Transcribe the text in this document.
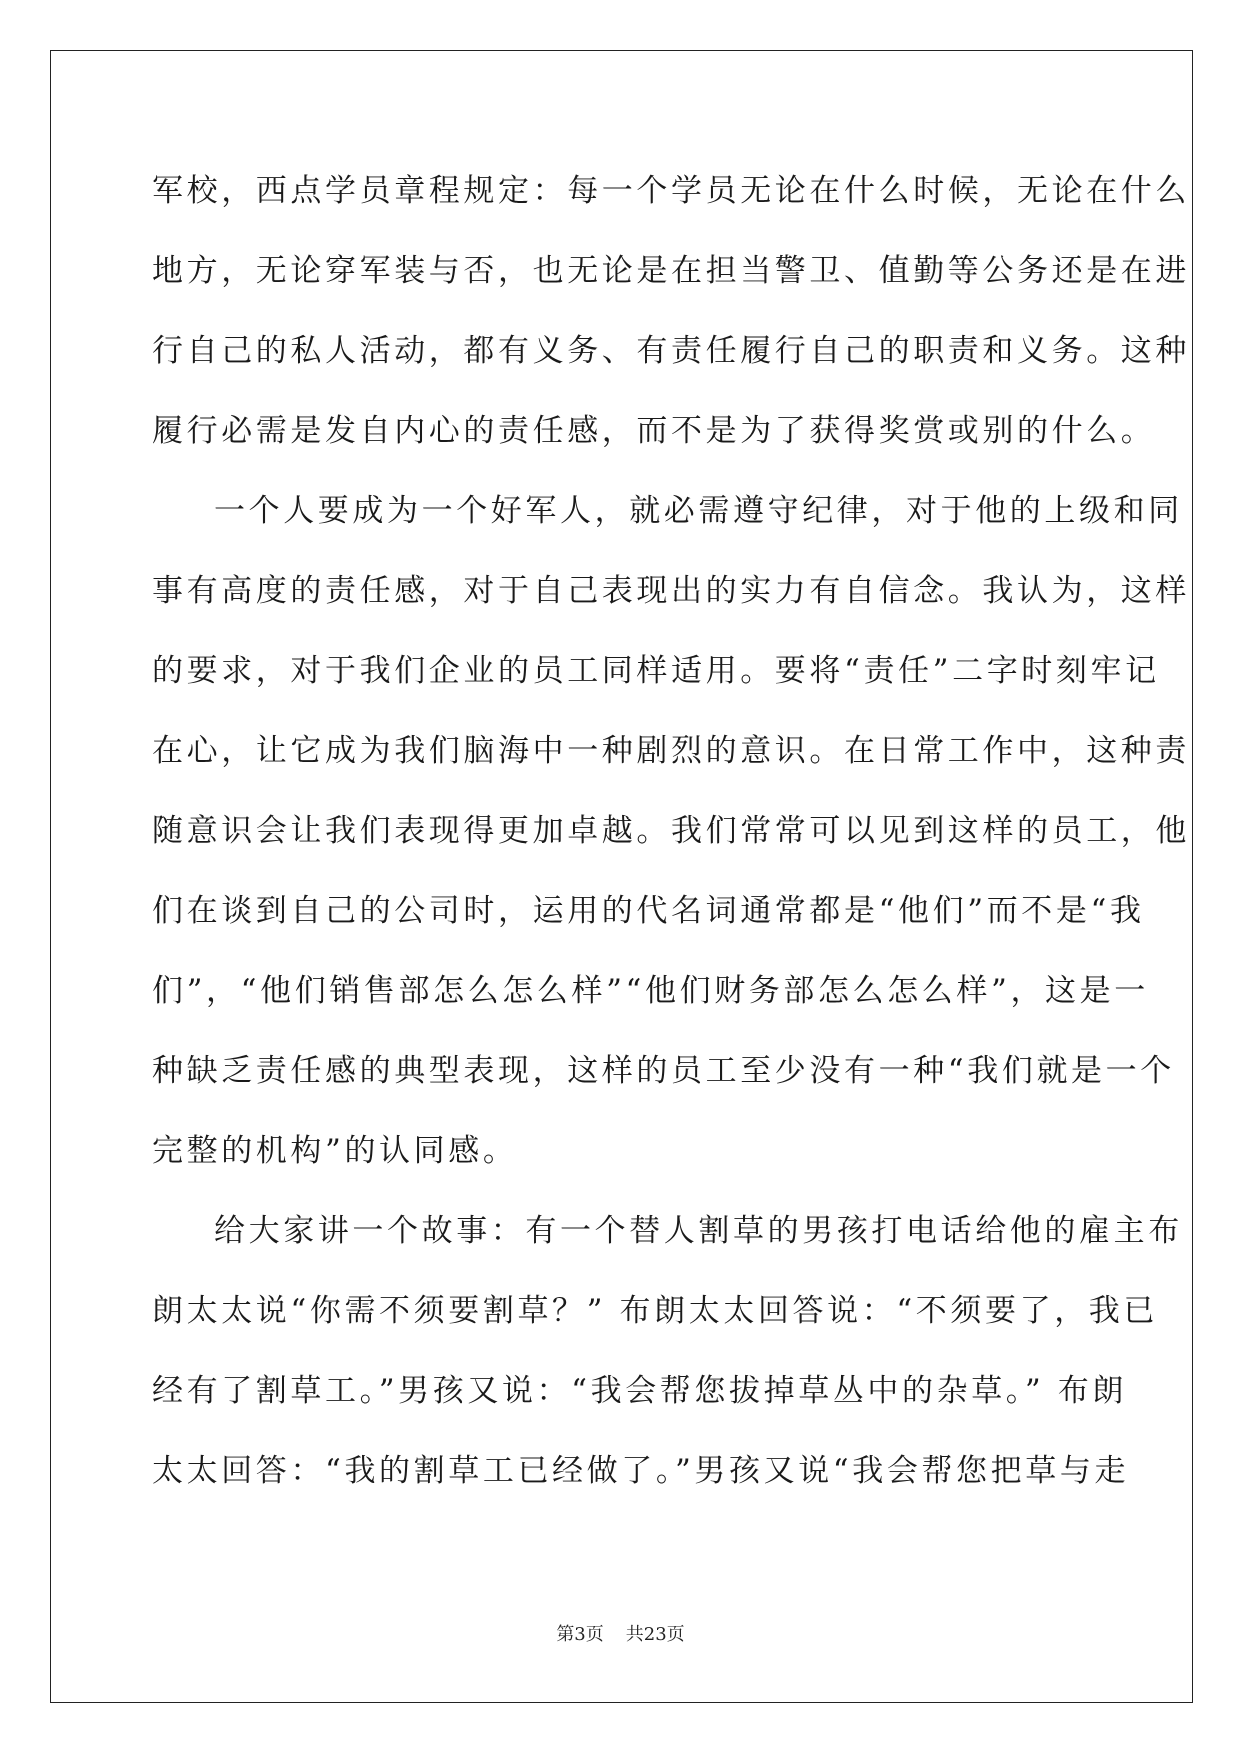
军校，西点学员章程规定：每一个学员无论在什么时候，无论在什么
地方，无论穿军装与否，也无论是在担当警卫、值勤等公务还是在进
行自己的私人活动，都有义务、有责任履行自己的职责和义务。这种
履行必需是发自内心的责任感，而不是为了获得奖赏或别的什么。
一个人要成为一个好军人，就必需遵守纪律，对于他的上级和同
事有高度的责任感，对于自己表现出的实力有自信念。我认为，这样
的要求，对于我们企业的员工同样适用。要将“责任”二字时刻牢记
在心，让它成为我们脑海中一种剧烈的意识。在日常工作中，这种责
随意识会让我们表现得更加卓越。我们常常可以见到这样的员工，他
们在谈到自己的公司时，运用的代名词通常都是“他们”而不是“我
们”，“他们销售部怎么怎么样”“他们财务部怎么怎么样”，这是一
种缺乏责任感的典型表现，这样的员工至少没有一种“我们就是一个
完整的机构”的认同感。
给大家讲一个故事：有一个替人割草的男孩打电话给他的雇主布
朗太太说“你需不须要割草？” 布朗太太回答说：“不须要了，我已
经有了割草工。”男孩又说：“我会帮您拔掉草丛中的杂草。” 布朗
太太回答：“我的割草工已经做了。”男孩又说“我会帮您把草与走
第3页 共23页
